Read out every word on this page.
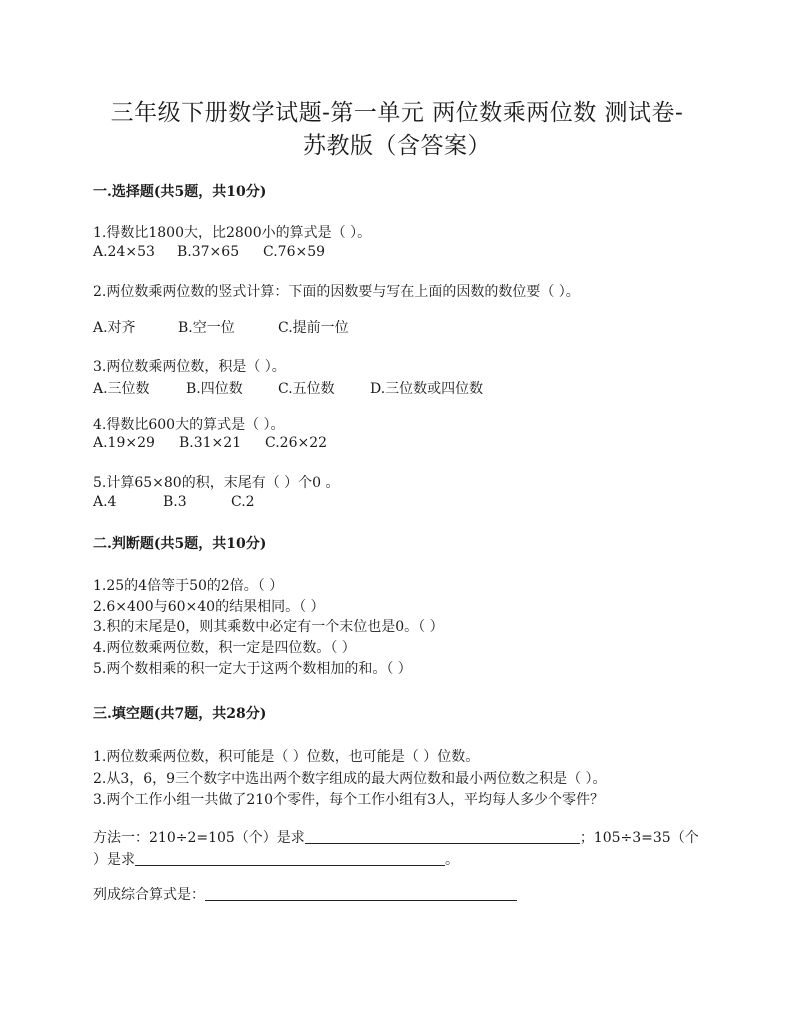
三年级下册数学试题-第一单元 两位数乘两位数 测试卷-
苏教版（含答案）
一.选择题(共5题，共10分)
1.得数比1800大，比2800小的算式是（ ）。
A.24×53 B.37×65 C.76×59
2.两位数乘两位数的竖式计算：下面的因数要与写在上面的因数的数位要（ ）。
A.对齐	B.空一位	C.提前一位
3.两位数乘两位数，积是（ ）。
A.三位数	B.四位数	C.五位数	D.三位数或四位数
4.得数比600大的算式是（ ）。
A.19×29 B.31×21 C.26×22
5.计算65×80的积，末尾有（ ）个0 。
A.4	B.3	C.2
二.判断题(共5题，共10分)
1.25的4倍等于50的2倍。（ ）
2.6×400与60×40的结果相同。（ ）
3.积的末尾是0，则其乘数中必定有一个末位也是0。（ ）
4.两位数乘两位数，积一定是四位数。（ ）
5.两个数相乘的积一定大于这两个数相加的和。（ ）
三.填空题(共7题，共28分)
1.两位数乘两位数，积可能是（ ）位数，也可能是（ ）位数。
2.从3，6，9三个数字中选出两个数字组成的最大两位数和最小两位数之积是（ ）。
3.两个工作小组一共做了210个零件，每个工作小组有3人，平均每人多少个零件？
方法一：210÷2=105（个）是求	；105÷3=35（个
）是求	。
列成综合算式是：
